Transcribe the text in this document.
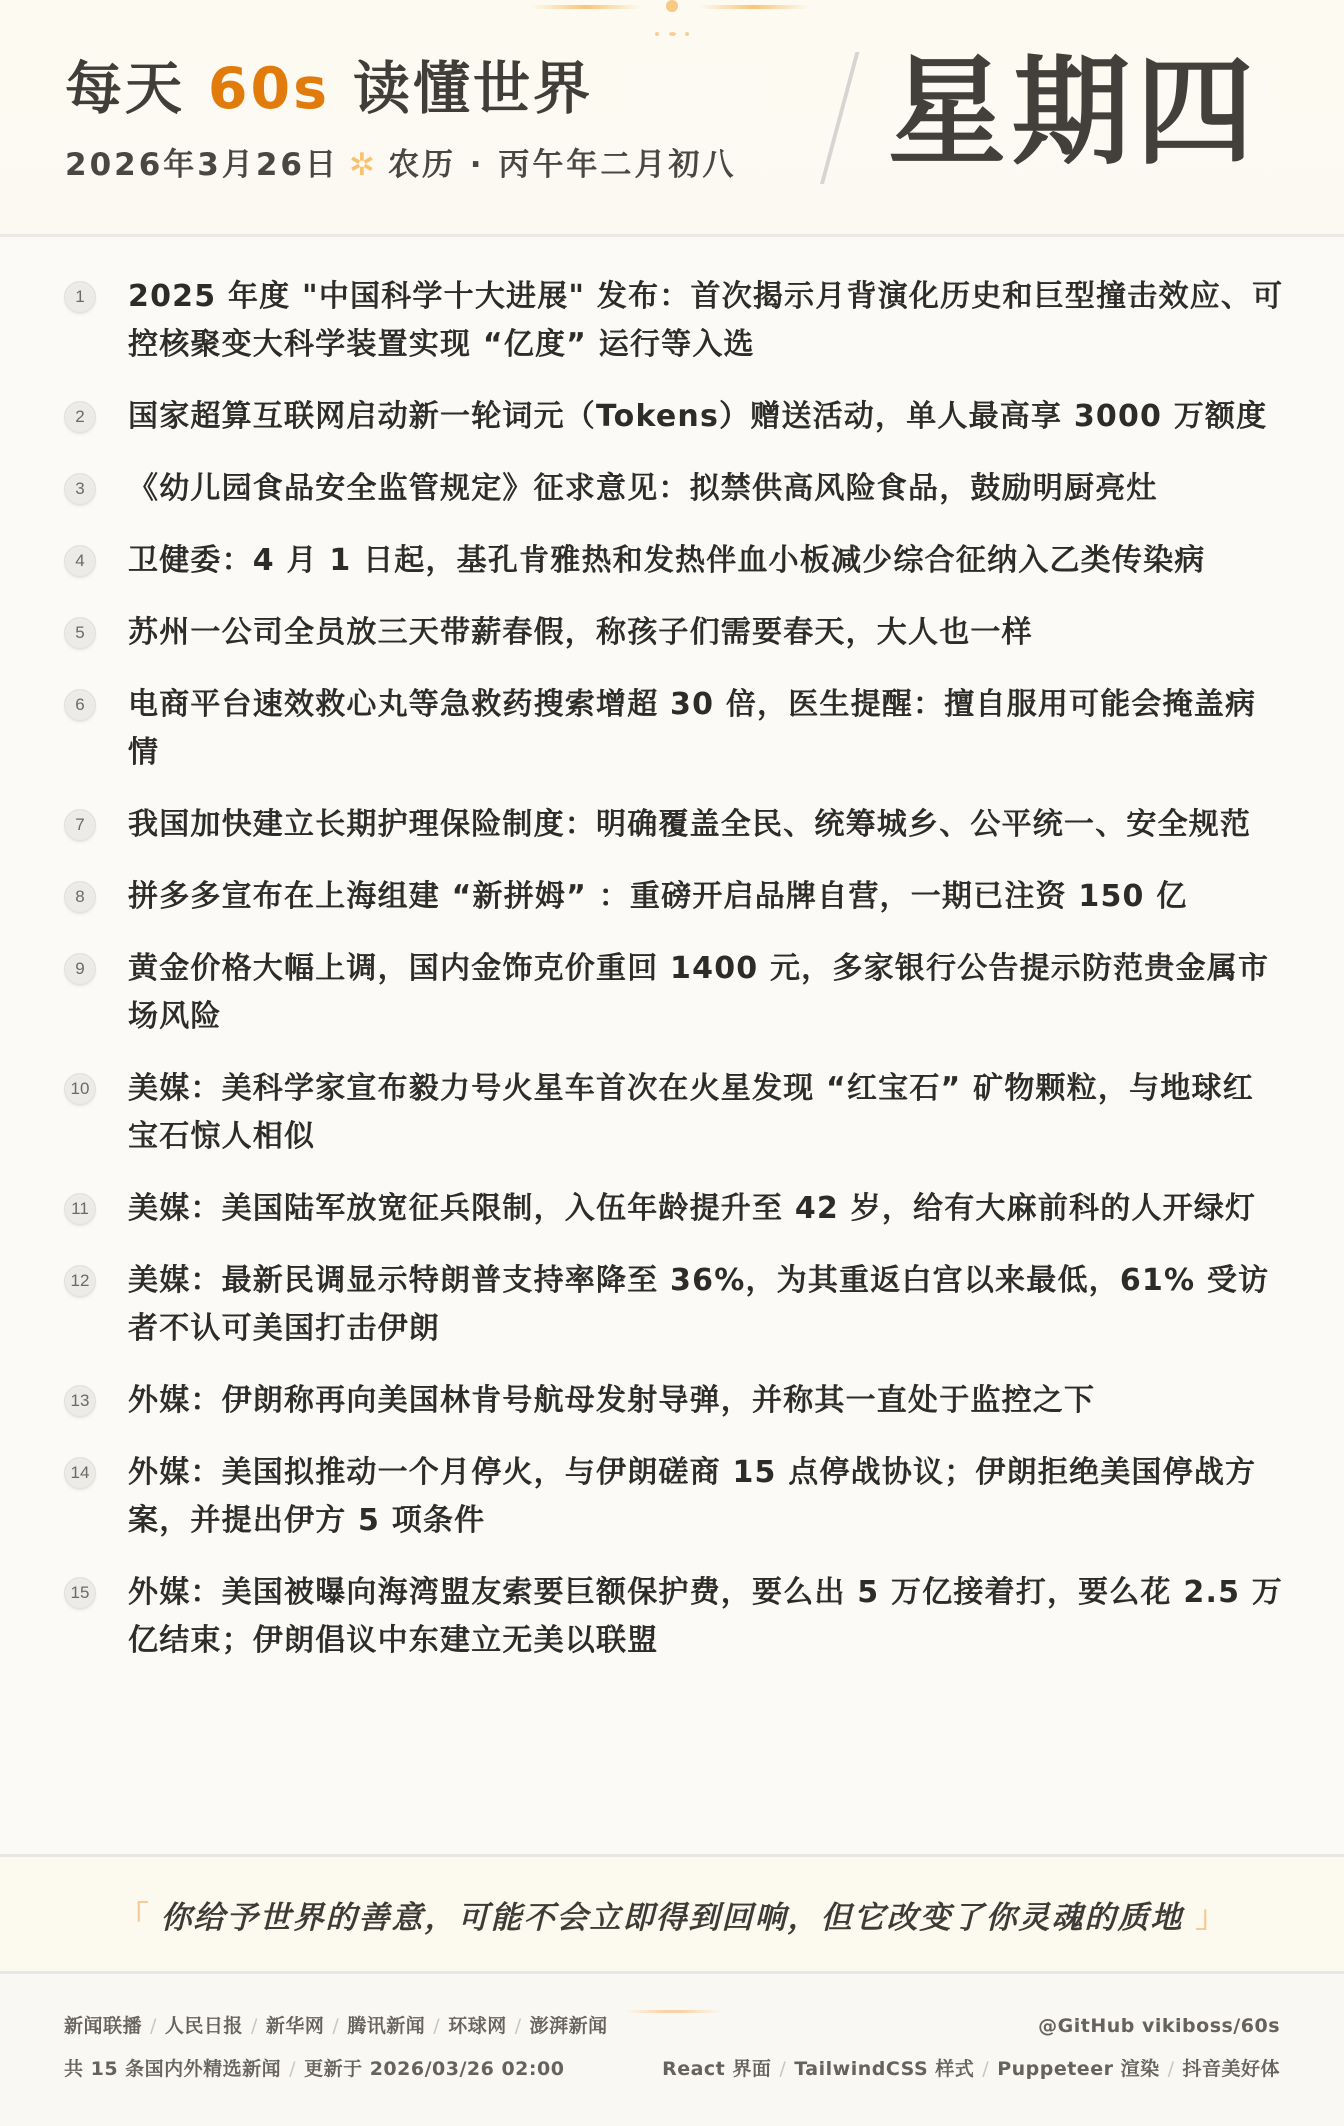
每天 60s 读懂世界
2026年3月26日 ✲ 农历 · 丙午年二月初八 星期四
1	2025 年度 "中国科学十大进展" 发布：首次揭示月背演化历史和巨型撞击效应、可控核聚变大科学装置实现 “亿度” 运行等入选

2	国家超算互联网启动新一轮词元（Tokens）赠送活动，单人最高享 3000 万额度

3	《幼儿园食品安全监管规定》征求意见：拟禁供高风险食品，鼓励明厨亮灶

4	卫健委：4 月 1 日起，基孔肯雅热和发热伴血小板减少综合征纳入乙类传染病

5	苏州一公司全员放三天带薪春假，称孩子们需要春天，大人也一样

6	电商平台速效救心丸等急救药搜索增超 30 倍，医生提醒：擅自服用可能会掩盖病情

7	我国加快建立长期护理保险制度：明确覆盖全民、统筹城乡、公平统一、安全规范

8	拼多多宣布在上海组建 “新拼姆” ：重磅开启品牌自营，一期已注资 150 亿

9	黄金价格大幅上调，国内金饰克价重回 1400 元，多家银行公告提示防范贵金属市场风险

10 美媒：美科学家宣布毅力号火星车首次在火星发现 “红宝石” 矿物颗粒，与地球红宝石惊人相似

11 美媒：美国陆军放宽征兵限制，入伍年龄提升至 42 岁，给有大麻前科的人开绿灯

12 美媒：最新民调显示特朗普支持率降至 36%，为其重返白宫以来最低，61% 受访者不认可美国打击伊朗

13 外媒：伊朗称再向美国林肯号航母发射导弹，并称其一直处于监控之下

14 外媒：美国拟推动一个月停火，与伊朗磋商 15 点停战协议；伊朗拒绝美国停战方案，并提出伊方 5 项条件

15 外媒：美国被曝向海湾盟友索要巨额保护费，要么出 5 万亿接着打，要么花 2.5 万亿结束；伊朗倡议中东建立无美以联盟

「 你给予世界的善意，可能不会立即得到回响，但它改变了你灵魂的质地 」
新闻联播 / 人民日报 / 新华网 / 腾讯新闻 / 环球网 / 澎湃新闻
共 15 条国内外精选新闻 / 更新于 2026/03/26 02:00
@GitHub vikiboss/60s
React 界面 / TailwindCSS 样式 / Puppeteer 渲染 / 抖音美好体
